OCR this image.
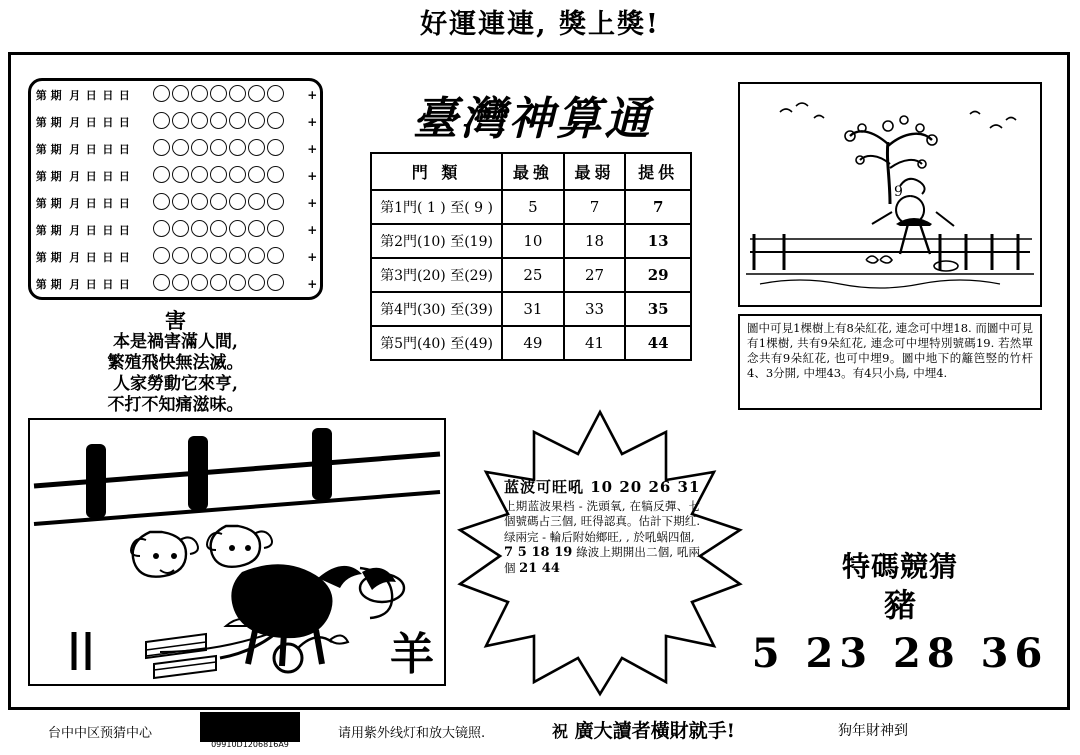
好運連連, 獎上獎!
第 期	月	日	日	日		+
第 期	月	日	日	日		+
第 期	月	日	日	日		+
第 期	月	日	日	日		+
第 期	月	日	日	日		+
第 期	月	日	日	日		+
第 期	月	日	日	日		+
第 期	月	日	日	日		+
害
本是禍害滿人間,
繁殖飛快無法滅。
人家勞動它來亨,
不打不知痛滋味。
臺灣神算通
門 類	最強	最弱	提供
第1門( 1 ) 至( 9 )	5	7	7
第2門(10) 至(19)	10	18	13
第3門(20) 至(29)	25	27	29
第4門(30) 至(39)	31	33	35
第5門(40) 至(49)	49	41	44
9
圖中可見1棵樹上有8朵紅花, 連念可中埋18. 而圖中可見有1棵樹, 共有9朵紅花, 連念可中埋特別號碼19. 若然單念共有9朵紅花, 也可中埋9。圖中地下的籬笆竪的竹杆4、3分開, 中埋43。有4只小鳥, 中埋4.
羊
蓝波可旺吼 10 20 26 31
上期蓝波果档 - 洗頭氧, 在犒反彈、七個號碼占三個, 旺得認真。估計下期红.绿兩完 - 輪后附始鄉旺, , 於吼蜗四個,
7 5 18 19 綠波上期開出二個, 吼兩個 21 44	特碼競猜
豬
5 23 28 36
台中中区预猜中心
09910D1206816A9
请用紫外线灯和放大镜照.	祝 廣大讀者橫財就手!	狗年財神到
